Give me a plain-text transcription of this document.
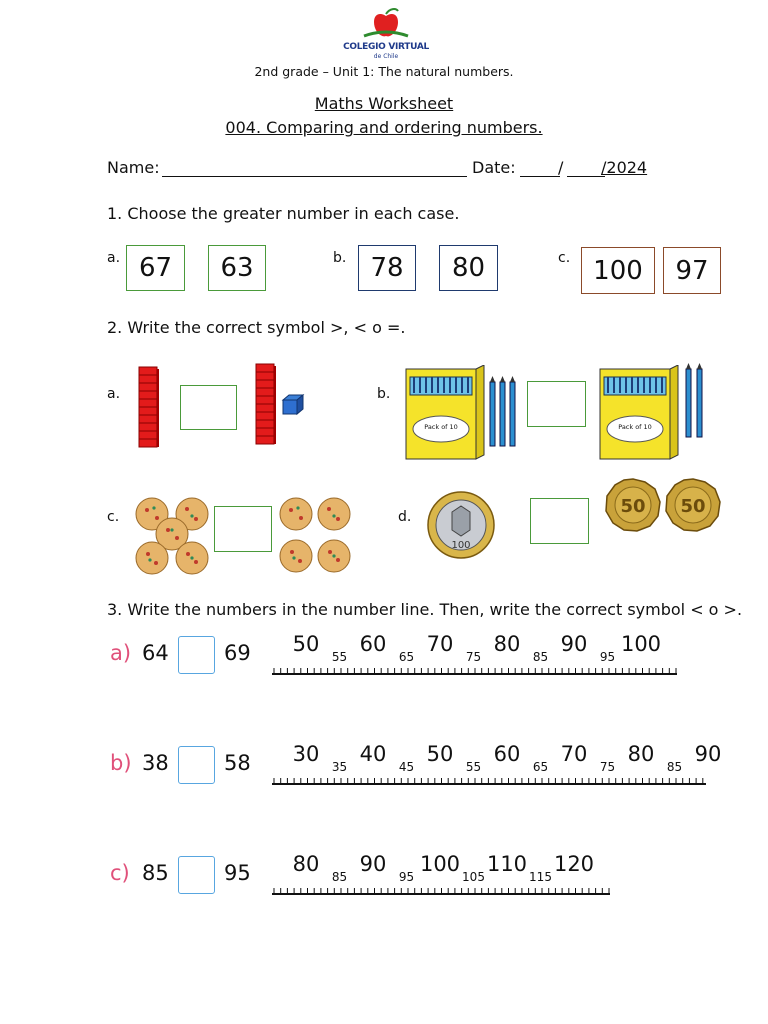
COLEGIO VIRTUAL
de Chile
2nd grade – Unit 1: The natural numbers.
Maths Worksheet
004. Comparing and ordering numbers.
Name:	Date:	/ /2024
1. Choose the greater number in each case.
a. 67	63	b. 78	80	c. 100	97
2. Write the correct symbol >, < o =.
a.	b.
Pack of 10	Pack of 10
c.	d.
100
50 50
3. Write the numbers in the number line. Then, write the correct symbol < o >.
a) 64	69	50	60	70	80	90	100
55	65	75	85	95
b) 38	58	30	40	50	60	70	80	90
35	45	55	65	75	85
c) 85	95	80	90	100 110 120
85	95	105	115
